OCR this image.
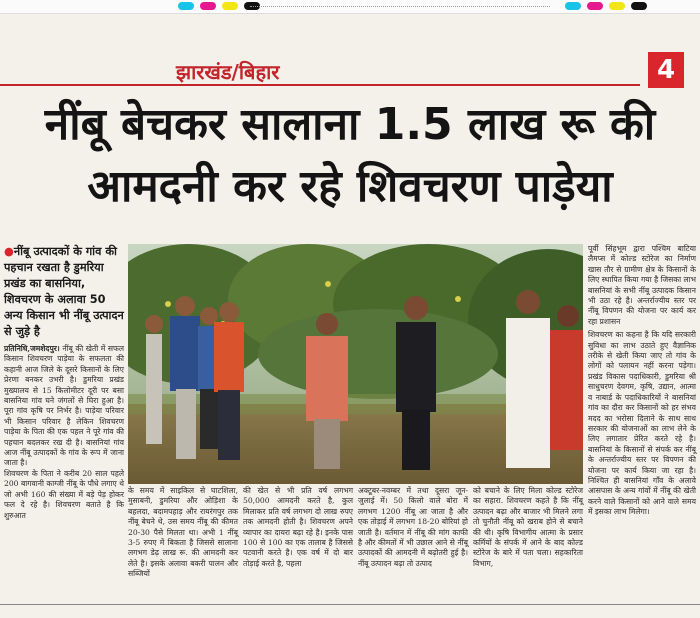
झारखंड/बिहार	4
नींबू बेचकर सालाना 1.5 लाख रू की
आमदनी कर रहे शिवचरण पाड़ेया
●नींबू उत्पादकों के गांव की पहचान रखता है डुमरिया प्रखंड का बासनिया, शिवचरण के अलावा 50 अन्य किसान भी नींबू उत्पादन से जुड़े है
प्रतिनिधि,जमशेदपुर। नींबू की खेती में सफल किसान शिवचरण पाड़ेया के सफलता की कहानी आज जिले के दूसरे किसानों के लिए प्रेरणा बनकर उभरी है। डुमरिया प्रखंड मुख्यालय से 15 किलोमीटर दूरी पर बसा बासनिया गांव घने जंगलों से घिरा हुआ है। पूरा गांव कृषि पर निर्भर है। पाड़ेया परिवार भी किसान परिवार है लेकिन शिवचरण पाड़ेया के पिता की एक पहल ने पूरे गांव की पहचान बदलकर रख दी है। बासनियां गांव आज नींबू उत्पादकों के गांव के रूप में जाना जाता है।
शिवचरण के पिता ने करीब 20 साल पहले 200 बागवानी काग्जी नींबू के पौधे लगाए थे जो अभी 160 की संख्या में बड़े पेड़ होकर फल दे रहे है। शिवचरण बताते है कि शुरुआत

पूर्वी सिंहभूम द्वारा पश्चिम बाटिया लैमप्स में कोल्ड स्टोरेज का निर्माण खास तौर से ग्रामीण क्षेत्र के किसानों के लिए स्थापित किया गया है जिसका लाभ बासनियां के सभी नींबू उत्पादक किसान भी उठा रहे है। अन्तर्राज्यीय स्तर पर नींबू विपणन की योजना पर कार्य कर रहा प्रशासन

शिवचरण का कहना है कि यदि सरकारी सुविधा का लाभ उठाते हुए वैज्ञानिक तरीके से खेती किया जाए तो गांव के लोगों को पलायन नहीं करना पड़ेगा। प्रखंड विकास पदाधिकारी, डुमरिया श्री साधुचरण देवगम, कृषि, उद्यान, आत्मा व नाबार्ड के पदाधिकारियों ने बासनियां गांव का दौरा कर किसानों को हर संभव मदद का भरोसा दिलाने के साथ साथ सरकार की योजनाओं का लाभ लेने के लिए लगातार प्रेरित करते रहे है। बासनियां के किसानों से संपर्क कर नींबू के अन्तर्राज्यीय स्तर पर विपणन की योजना पर कार्य किया जा रहा है। निश्चित ही बासनियां गाँव के अलावे आसपास के अन्य गांवों में नींबू की खेती करने वाले किसानों को आने वाले समय में इसका लाभ मिलेगा।

के समय में साइकिल से घाटशिला, मुसाबनी, डुमरिया और ओड़िशा के बहलदा, बदामपहाड़ और रायरंगपुर तक नींबू बेचने थे, उस समय नींबू की कीमत 20-30 पैसे मिलता था। अभी 1 नींबू 3-5 रुपए में बिकता है जिससे सालाना लगभग डेढ़ लाख रू. की आमदनी कर लेते है। इसके अलावा बकरी पालन और सब्जियों
की खेत से भी प्रति वर्ष लगभग 50,000 आमदनी करते है, कुल मिलाकर प्रति वर्ष लगभग दो लाख रुपए तक आमदनी होती है। शिवचरण अपने व्यापार का दायरा बढ़ा रहे है। इनके पास 100 से 100 का एक तालाब है जिससे पटवानी करते है। एक वर्ष में दो बार तोड़ाई करते है, पहला
अक्टूबर-नवम्बर में तथा दूसरा जून-जुलाई में। 50 किलो वाले बोरा में लगभग 1200 नींबू आ जाता है और एक तोड़ाई में लगभग 18-20 बोरियां हो जाती है। वर्तमान में नींबू की मांग काफी है और कीमतों में भी उछाल आने से नींबू उत्पादकों की आमदनी में बढ़ोतरी हुई है। नींबू उत्पादन बढ़ा तो उत्पाद
को बचाने के लिए मिला कोल्ड स्टोरेज का सहारा. शिवचरण कहते है कि नींबू उत्पादन बढ़ा और बाजार भी मिलने लगा तो चुनौती नींबू को खराब होने से बचाने की थी। कृषि विभागीय आत्मा के प्रसार कर्मियों के संपर्क में आने के बाद कोल्ड स्टोरेज के बारे में पता चला। सहकारिता विभाग,
